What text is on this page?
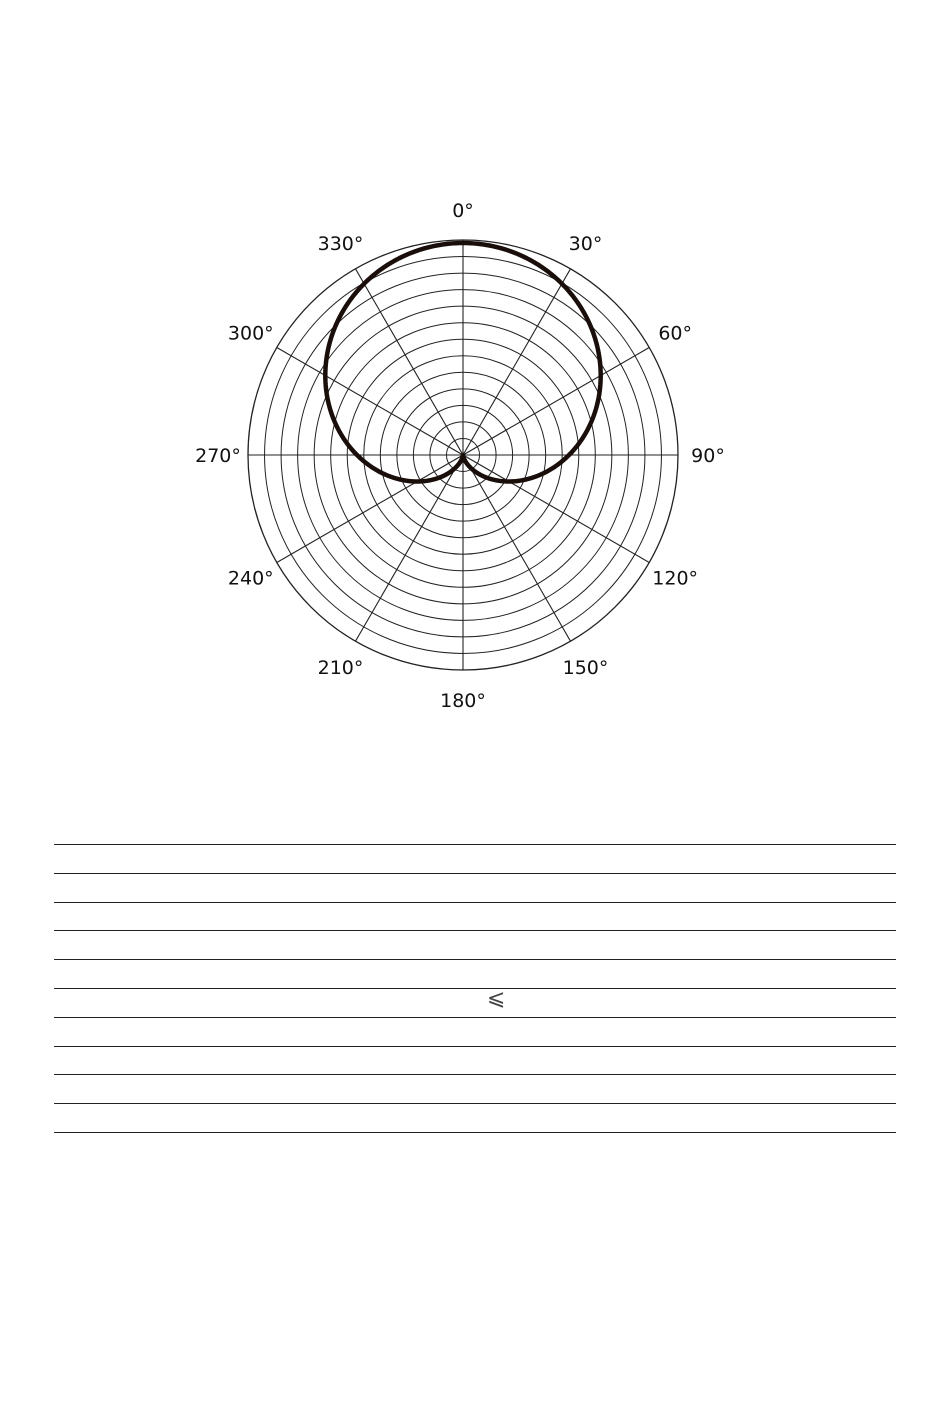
0°
30°
60°
90°
120°
150°
180°
210°
240°
270°
300°
330°
⩽
